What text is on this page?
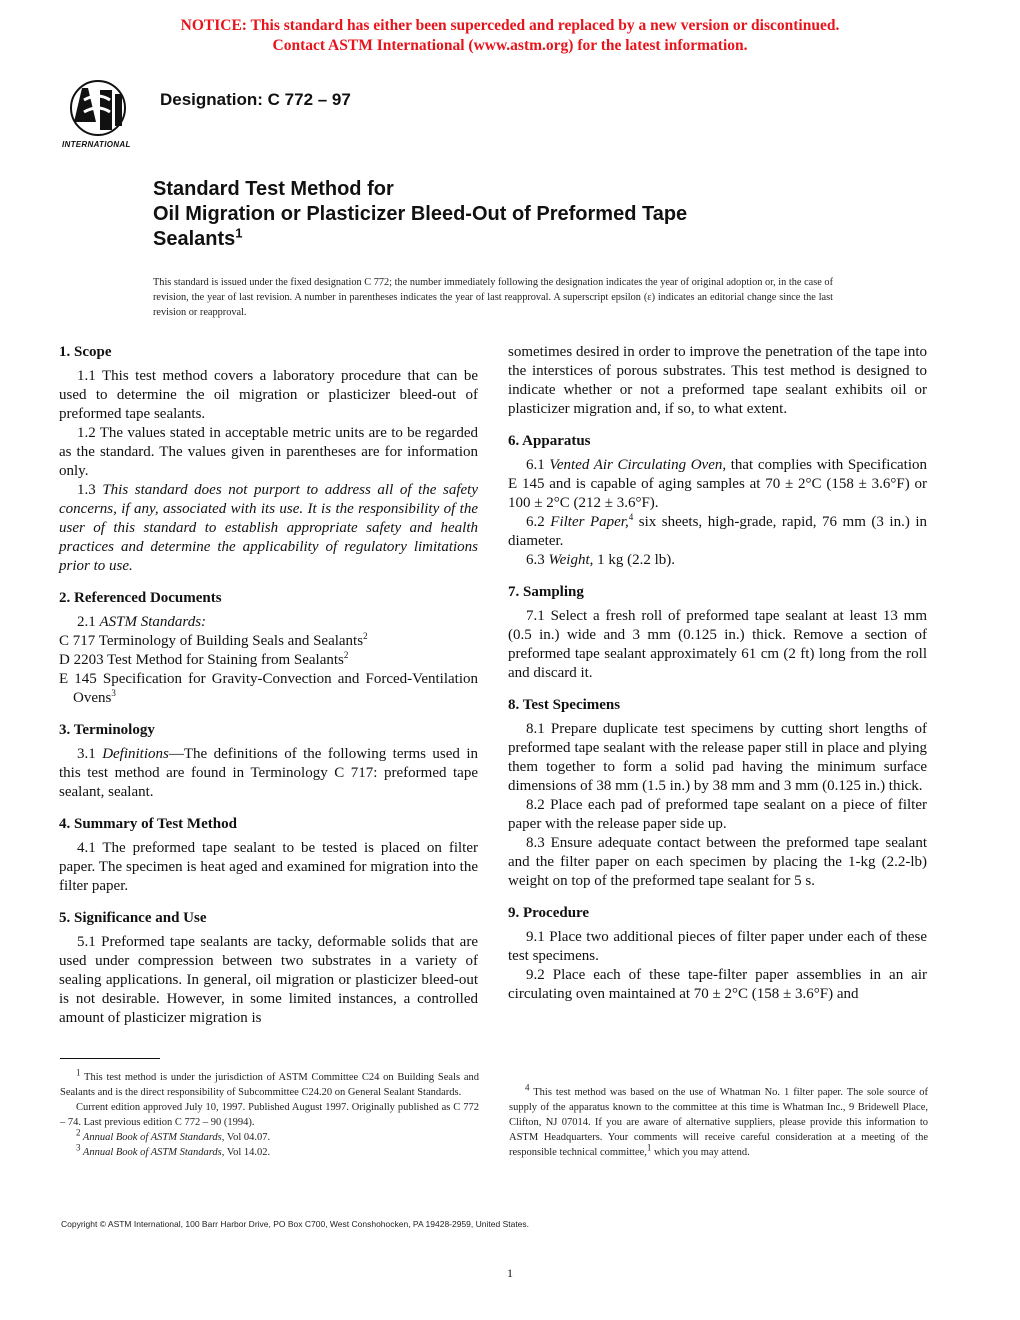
NOTICE: This standard has either been superceded and replaced by a new version or discontinued.
Contact ASTM International (www.astm.org) for the latest information.
INTERNATIONAL
Designation: C 772 – 97
Standard Test Method for
Oil Migration or Plasticizer Bleed-Out of Preformed Tape
Sealants$^1$
This standard is issued under the fixed designation C 772; the number immediately following the designation indicates the year of original adoption or, in the case of revision, the year of last revision. A number in parentheses indicates the year of last reapproval. A superscript epsilon (ε) indicates an editorial change since the last revision or reapproval.
1. Scope

1.1 This test method covers a laboratory procedure that can be used to determine the oil migration or plasticizer bleed-out of preformed tape sealants.

1.2 The values stated in acceptable metric units are to be regarded as the standard. The values given in parentheses are for information only.

1.3 This standard does not purport to address all of the safety concerns, if any, associated with its use. It is the responsibility of the user of this standard to establish appropriate safety and health practices and determine the applicability of regulatory limitations prior to use.

2. Referenced Documents

2.1 ASTM Standards:

C 717 Terminology of Building Seals and Sealants$^2$
D 2203 Test Method for Staining from Sealants$^2$
E 145 Specification for Gravity-Convection and Forced-Ventilation Ovens$^3$
3. Terminology

3.1 Definitions—The definitions of the following terms used in this test method are found in Terminology C 717: preformed tape sealant, sealant.

4. Summary of Test Method

4.1 The preformed tape sealant to be tested is placed on filter paper. The specimen is heat aged and examined for migration into the filter paper.

5. Significance and Use

5.1 Preformed tape sealants are tacky, deformable solids that are used under compression between two substrates in a variety of sealing applications. In general, oil migration or plasticizer bleed-out is not desirable. However, in some limited instances, a controlled amount of plasticizer migration is

sometimes desired in order to improve the penetration of the tape into the interstices of porous substrates. This test method is designed to indicate whether or not a preformed tape sealant exhibits oil or plasticizer migration and, if so, to what extent.

6. Apparatus

6.1 Vented Air Circulating Oven, that complies with Specification E 145 and is capable of aging samples at 70 ± 2°C (158 ± 3.6°F) or 100 ± 2°C (212 ± 3.6°F).

6.2 Filter Paper,$^4$ six sheets, high-grade, rapid, 76 mm (3 in.) in diameter.

6.3 Weight, 1 kg (2.2 lb).

7. Sampling

7.1 Select a fresh roll of preformed tape sealant at least 13 mm (0.5 in.) wide and 3 mm (0.125 in.) thick. Remove a section of preformed tape sealant approximately 61 cm (2 ft) long from the roll and discard it.

8. Test Specimens

8.1 Prepare duplicate test specimens by cutting short lengths of preformed tape sealant with the release paper still in place and plying them together to form a solid pad having the minimum surface dimensions of 38 mm (1.5 in.) by 38 mm and 3 mm (0.125 in.) thick.

8.2 Place each pad of preformed tape sealant on a piece of filter paper with the release paper side up.

8.3 Ensure adequate contact between the preformed tape sealant and the filter paper on each specimen by placing the 1-kg (2.2-lb) weight on top of the preformed tape sealant for 5 s.

9. Procedure

9.1 Place two additional pieces of filter paper under each of these test specimens.

9.2 Place each of these tape-filter paper assemblies in an air circulating oven maintained at 70 ± 2°C (158 ± 3.6°F) and

$^1$ This test method is under the jurisdiction of ASTM Committee C24 on Building Seals and Sealants and is the direct responsibility of Subcommittee C24.20 on General Sealant Standards.

Current edition approved July 10, 1997. Published August 1997. Originally published as C 772 – 74. Last previous edition C 772 – 90 (1994).

$^2$ Annual Book of ASTM Standards, Vol 04.07.

$^3$ Annual Book of ASTM Standards, Vol 14.02.

$^4$ This test method was based on the use of Whatman No. 1 filter paper. The sole source of supply of the apparatus known to the committee at this time is Whatman Inc., 9 Bridewell Place, Clifton, NJ 07014. If you are aware of alternative suppliers, please provide this information to ASTM Headquarters. Your comments will receive careful consideration at a meeting of the responsible technical committee,$^1$ which you may attend.

Copyright © ASTM International, 100 Barr Harbor Drive, PO Box C700, West Conshohocken, PA 19428-2959, United States.
1
